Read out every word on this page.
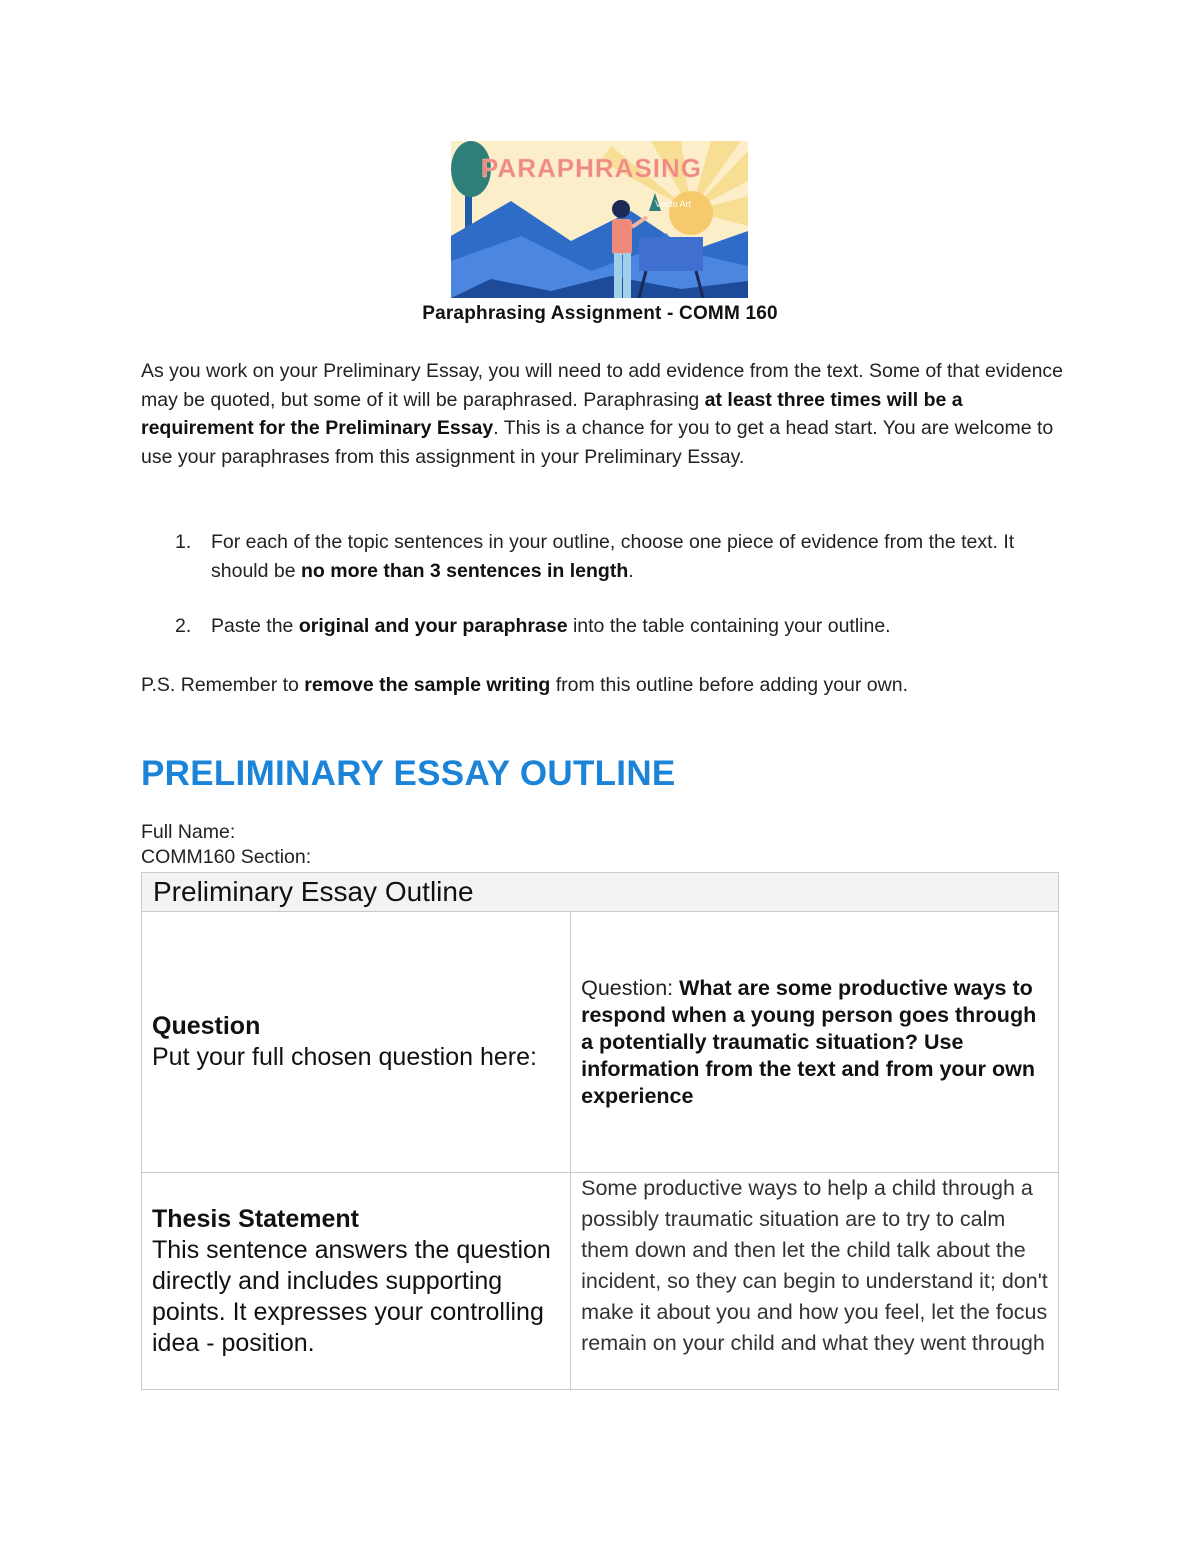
PARAPHRASING
Vecto Art
Paraphrasing Assignment - COMM 160
As you work on your Preliminary Essay, you will need to add evidence from the text. Some of that evidence may be quoted, but some of it will be paraphrased. Paraphrasing at least three times will be a requirement for the Preliminary Essay. This is a chance for you to get a head start. You are welcome to use your paraphrases from this assignment in your Preliminary Essay.
1. For each of the topic sentences in your outline, choose one piece of evidence from the text. It should be no more than 3 sentences in length.
2. Paste the original and your paraphrase into the table containing your outline.
P.S. Remember to remove the sample writing from this outline before adding your own.
PRELIMINARY ESSAY OUTLINE
Full Name:
COMM160 Section:
Preliminary Essay Outline	

Question
Put your full chosen question here:	Question: What are some productive ways to respond when a young person goes through a potentially traumatic situation? Use information from the text and from your own experience

Thesis Statement
This sentence answers the question directly and includes supporting points. It expresses your controlling idea - position.	Some productive ways to help a child through a possibly traumatic situation are to try to calm them down and then let the child talk about the incident, so they can begin to understand it; don't make it about you and how you feel, let the focus remain on your child and what they went through
